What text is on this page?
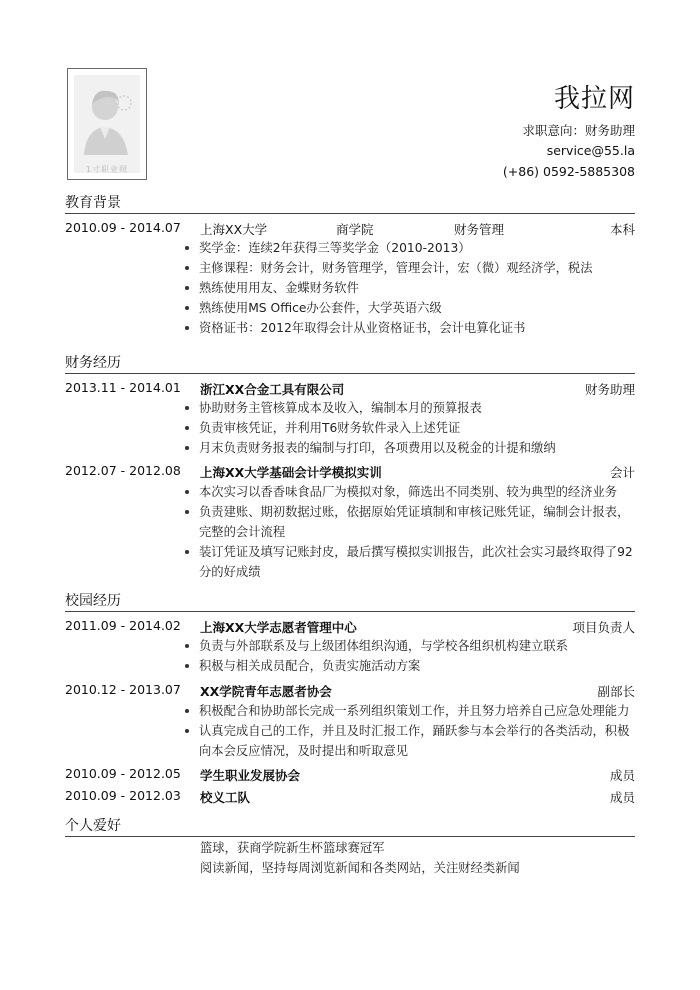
1寸职业照
我拉网
求职意向：财务助理
service@55.la
(+86) 0592-5885308
教育背景
2010.09 - 2014.07 上海XX大学	商学院	财务管理	本科
奖学金：连续2年获得三等奖学金（2010-2013）
主修课程：财务会计，财务管理学，管理会计，宏（微）观经济学，税法
熟练使用用友、金蝶财务软件
熟练使用MS Office办公套件，大学英语六级
资格证书：2012年取得会计从业资格证书，会计电算化证书
财务经历
2013.11 - 2014.01 浙江XX合金工具有限公司	财务助理
协助财务主管核算成本及收入，编制本月的预算报表
负责审核凭证，并利用T6财务软件录入上述凭证
月末负责财务报表的编制与打印，各项费用以及税金的计提和缴纳
2012.07 - 2012.08 上海XX大学基础会计学模拟实训	会计
本次实习以香香味食品厂为模拟对象，筛选出不同类别、较为典型的经济业务
负责建账、期初数据过账，依据原始凭证填制和审核记账凭证，编制会计报表，完整的会计流程
装订凭证及填写记账封皮，最后撰写模拟实训报告，此次社会实习最终取得了92分的好成绩
校园经历
2011.09 - 2014.02 上海XX大学志愿者管理中心	项目负责人
负责与外部联系及与上级团体组织沟通，与学校各组织机构建立联系
积极与相关成员配合，负责实施活动方案
2010.12 - 2013.07 XX学院青年志愿者协会	副部长
积极配合和协助部长完成一系列组织策划工作，并且努力培养自己应急处理能力
认真完成自己的工作，并且及时汇报工作，踊跃参与本会举行的各类活动，积极向本会反应情况，及时提出和听取意见
2010.09 - 2012.05 学生职业发展协会	成员
2010.09 - 2012.03 校义工队	成员
个人爱好
篮球，获商学院新生杯篮球赛冠军
阅读新闻，坚持每周浏览新闻和各类网站，关注财经类新闻
